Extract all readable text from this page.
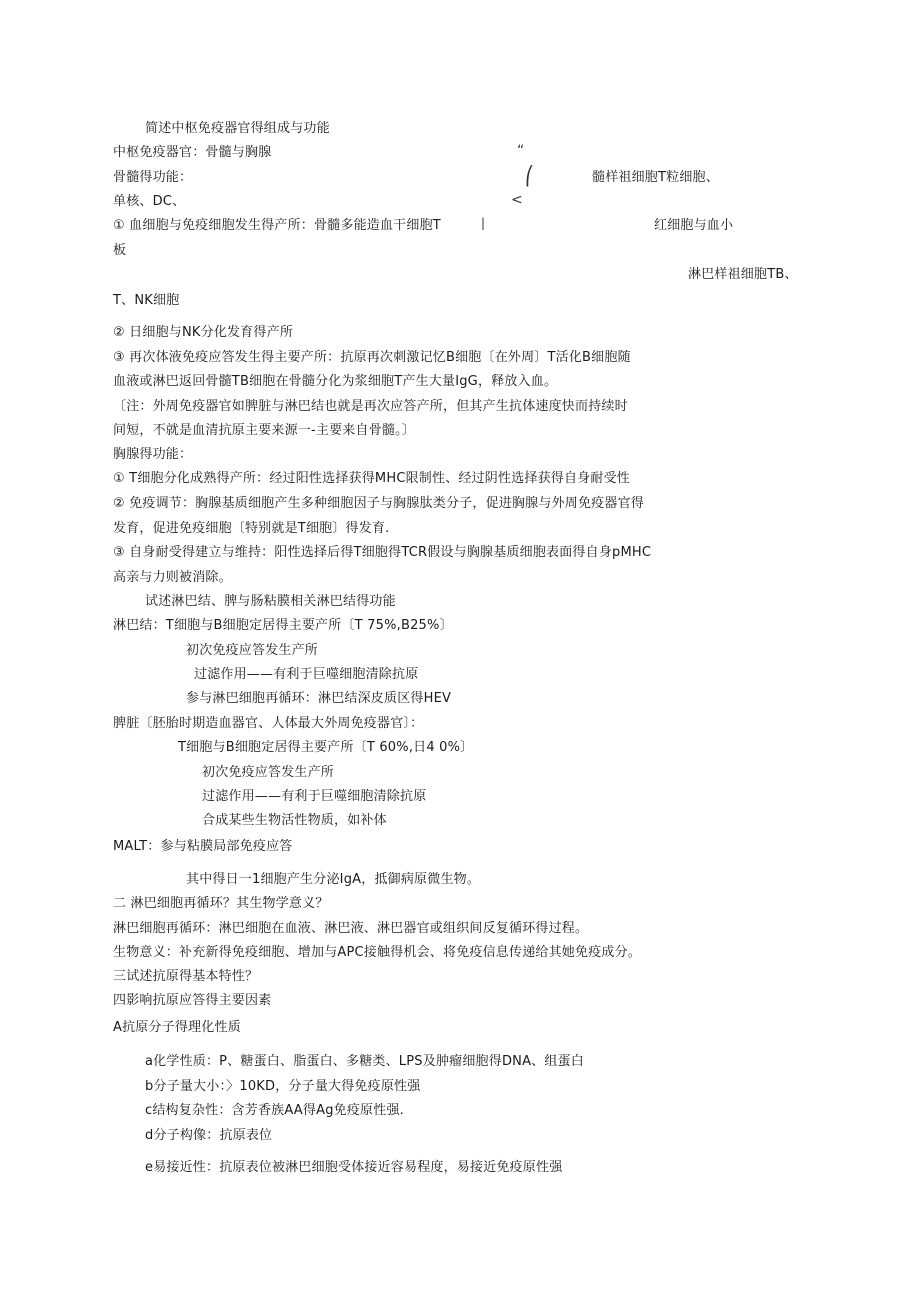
简述中枢免疫器官得组成与功能
中枢免疫器官：骨髓与胸腺	“
骨髓得功能：	⎛	髓样祖细胞T粒细胞、
单核、DC、	<
① 血细胞与免疫细胞发生得产所：骨髓多能造血干细胞T	|	红细胞与血小
板
淋巴样祖细胞TB、
T、NK细胞
② 日细胞与NK分化发育得产所
③ 再次体液免疫应答发生得主要产所：抗原再次刺激记忆B细胞〔在外周〕T活化B细胞随
血液或淋巴返回骨髓TB细胞在骨髓分化为浆细胞T产生大量IgG，释放入血。
〔注：外周免疫器官如脾脏与淋巴结也就是再次应答产所，但其产生抗体速度快而持续时
间短，不就是血清抗原主要来源一-主要来自骨髓。〕
胸腺得功能：
① T细胞分化成熟得产所：经过阳性选择获得MHC限制性、经过阴性选择获得自身耐受性
② 免疫调节：胸腺基质细胞产生多种细胞因子与胸腺肽类分子，促进胸腺与外周免疫器官得
发育，促进免疫细胞〔特别就是T细胞〕得发育.
③ 自身耐受得建立与维持：阳性选择后得T细胞得TCR假设与胸腺基质细胞表面得自身pMHC
高亲与力则被消除。
试述淋巴结、脾与肠粘膜相关淋巴结得功能
淋巴结：T细胞与B细胞定居得主要产所〔T 75%,B25%〕
初次免疫应答发生产所
过滤作用——有利于巨噬细胞清除抗原
参与淋巴细胞再循环：淋巴结深皮质区得HEV
脾脏〔胚胎时期造血器官、人体最大外周免疫器官〕：
T细胞与B细胞定居得主要产所〔T 60%,日4 0%〕
初次免疫应答发生产所
过滤作用——有利于巨噬细胞清除抗原
合成某些生物活性物质，如补体
MALT：参与粘膜局部免疫应答
其中得日一1细胞产生分泌IgA，抵御病原微生物。
二 淋巴细胞再循环？其生物学意义？
淋巴细胞再循环：淋巴细胞在血液、淋巴液、淋巴器官或组织间反复循环得过程。
生物意义：补充新得免疫细胞、增加与APC接触得机会、将免疫信息传递给其她免疫成分。
三试述抗原得基本特性？
四影响抗原应答得主要因素
A抗原分子得理化性质
a化学性质：P、糖蛋白、脂蛋白、多糖类、LPS及肿瘤细胞得DNA、组蛋白
b分子量大小：〉10KD，分子量大得免疫原性强
c结构复杂性：含芳香族AA得Ag免疫原性强.
d分子构像：抗原表位
e易接近性：抗原表位被淋巴细胞受体接近容易程度，易接近免疫原性强
